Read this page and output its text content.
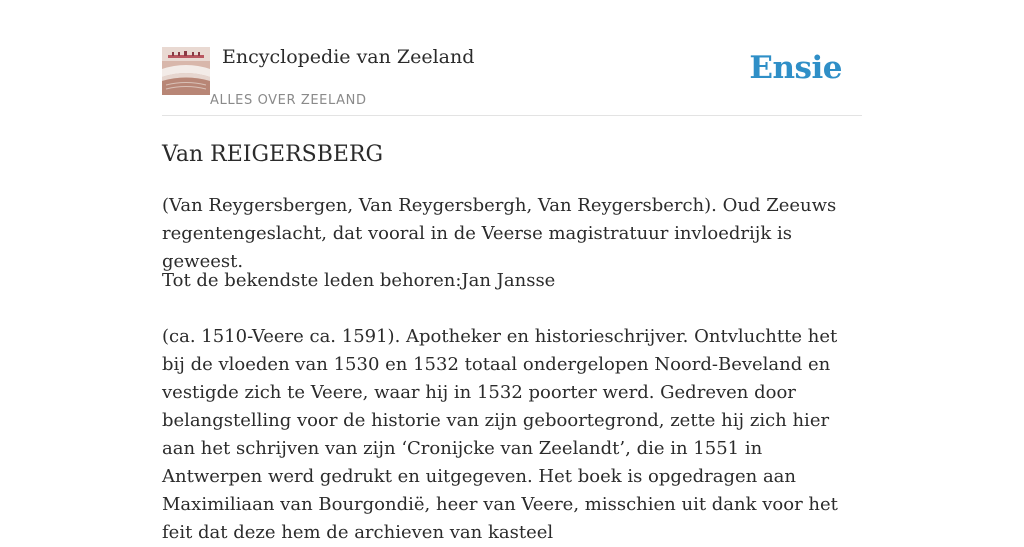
Encyclopedie van Zeeland
ALLES OVER ZEELAND
Ensie
Van REIGERSBERG

(Van Reygersbergen, Van Reygersbergh, Van Reygersberch). Oud Zeeuws regentengeslacht, dat vooral in de Veerse magistratuur invloedrijk is geweest.

Tot de bekendste leden behoren:Jan Jansse

(ca. 1510-Veere ca. 1591). Apotheker en historieschrijver. Ontvluchtte het bij de vloeden van 1530 en 1532 totaal ondergelopen Noord-Beveland en vestigde zich te Veere, waar hij in 1532 poorter werd. Gedreven door belangstelling voor de historie van zijn geboortegrond, zette hij zich hier aan het schrijven van zijn ‘Cronijcke van Zeelandt’, die in 1551 in Antwerpen werd gedrukt en uitgegeven. Het boek is opgedragen aan Maximiliaan van Bourgondië, heer van Veere, misschien uit dank voor het feit dat deze hem de archieven van kasteel
